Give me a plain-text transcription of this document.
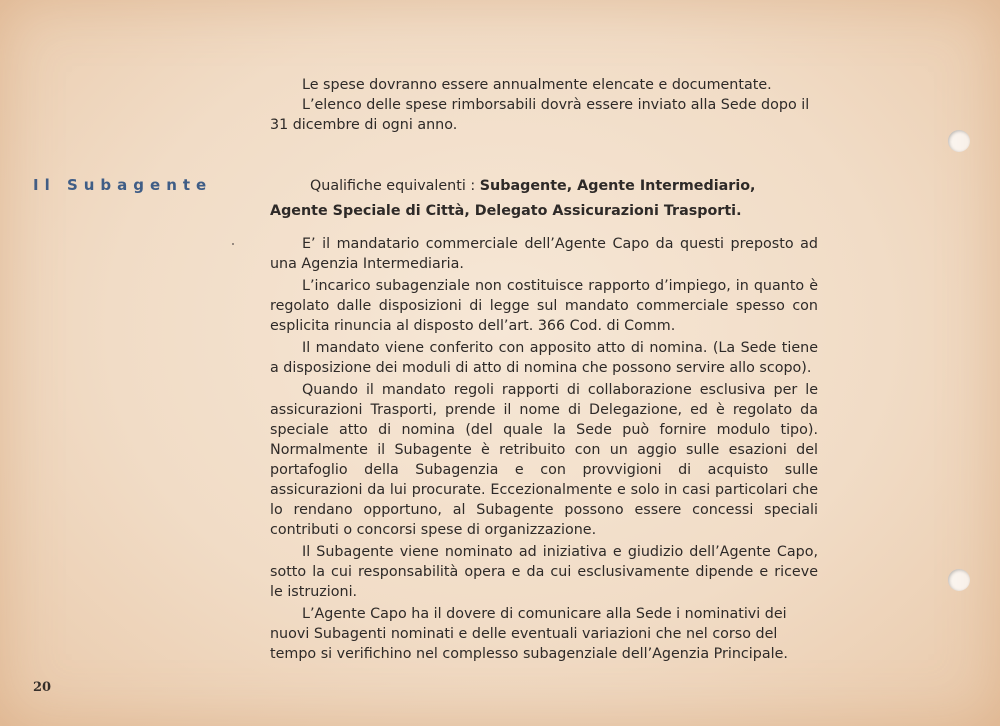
Le spese dovranno essere annualmente elencate e documentate.

L’elenco delle spese rimborsabili dovrà essere inviato alla Sede dopo il 31 dicembre di ogni anno.

Il Subagente	Qualifiche equivalenti : Subagente, Agente Intermediario, Agente Speciale di Città, Delegato Assicurazioni Trasporti.

E’ il mandatario commerciale dell’Agente Capo da questi preposto ad una Agenzia Intermediaria.

L’incarico subagenziale non costituisce rapporto d’impiego, in quanto è regolato dalle disposizioni di legge sul mandato commerciale spesso con esplicita rinuncia al disposto dell’art. 366 Cod. di Comm.

Il mandato viene conferito con apposito atto di nomina. (La Sede tiene a disposizione dei moduli di atto di nomina che possono servire allo scopo).

Quando il mandato regoli rapporti di collaborazione esclusiva per le assicurazioni Trasporti, prende il nome di Delegazione, ed è regolato da speciale atto di nomina (del quale la Sede può fornire modulo tipo). Normalmente il Subagente è retribuito con un aggio sulle esazioni del portafoglio della Subagenzia e con provvigioni di acquisto sulle assicurazioni da lui procurate. Eccezionalmente e solo in casi particolari che lo rendano opportuno, al Subagente possono essere concessi speciali contributi o concorsi spese di organizzazione.

Il Subagente viene nominato ad iniziativa e giudizio dell’Agente Capo, sotto la cui responsabilità opera e da cui esclusivamente dipende e riceve le istruzioni.

L’Agente Capo ha il dovere di comunicare alla Sede i nominativi dei nuovi Subagenti nominati e delle eventuali variazioni che nel corso del tempo si verifichino nel complesso subagenziale dell’Agenzia Principale.

20
